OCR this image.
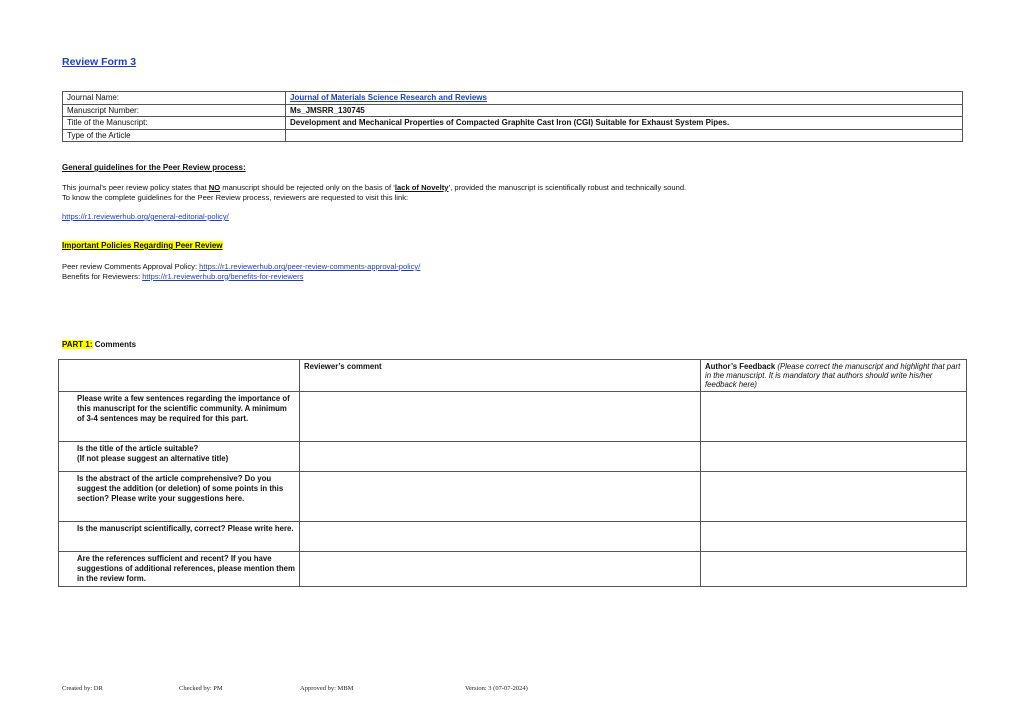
Review Form 3
Journal Name:	Journal of Materials Science Research and Reviews
Manuscript Number:	Ms_JMSRR_130745
Title of the Manuscript:	Development and Mechanical Properties of Compacted Graphite Cast Iron (CGI) Suitable for Exhaust System Pipes.
Type of the Article	
General guidelines for the Peer Review process:
This journal’s peer review policy states that NO manuscript should be rejected only on the basis of ‘lack of Novelty’, provided the manuscript is scientifically robust and technically sound.
To know the complete guidelines for the Peer Review process, reviewers are requested to visit this link:
https://r1.reviewerhub.org/general-editorial-policy/
Important Policies Regarding Peer Review
Peer review Comments Approval Policy: https://r1.reviewerhub.org/peer-review-comments-approval-policy/
Benefits for Reviewers: https://r1.reviewerhub.org/benefits-for-reviewers
PART 1: Comments
	Reviewer’s comment	Author’s Feedback (Please correct the manuscript and highlight that part in the manuscript. It is mandatory that authors should write his/her feedback here)
Please write a few sentences regarding the importance of this manuscript for the scientific community. A minimum of 3-4 sentences may be required for this part.		
Is the title of the article suitable?
(If not please suggest an alternative title)		
Is the abstract of the article comprehensive? Do you suggest the addition (or deletion) of some points in this section? Please write your suggestions here.		
Is the manuscript scientifically, correct? Please write here.		
Are the references sufficient and recent? If you have suggestions of additional references, please mention them in the review form.		
Created by: DR	Checked by: PM	Approved by: MBM	Version: 3 (07-07-2024)
